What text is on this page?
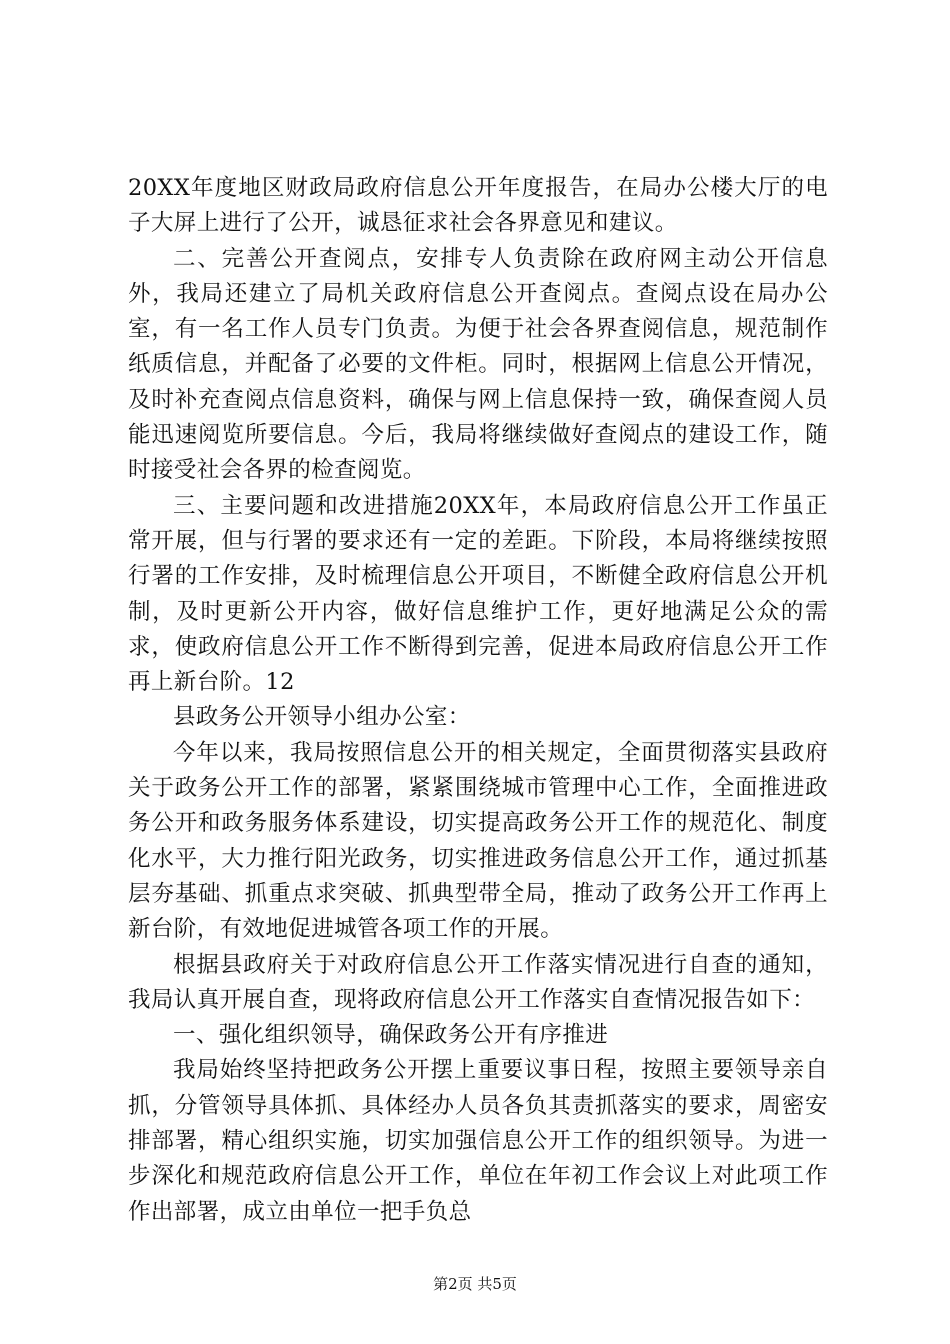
20XX年度地区财政局政府信息公开年度报告，在局办公楼大厅的电子大屏上进行了公开，诚恳征求社会各界意见和建议。

二、完善公开查阅点，安排专人负责除在政府网主动公开信息外，我局还建立了局机关政府信息公开查阅点。查阅点设在局办公室，有一名工作人员专门负责。为便于社会各界查阅信息，规范制作纸质信息，并配备了必要的文件柜。同时，根据网上信息公开情况，及时补充查阅点信息资料，确保与网上信息保持一致，确保查阅人员能迅速阅览所要信息。今后，我局将继续做好查阅点的建设工作，随时接受社会各界的检查阅览。

三、主要问题和改进措施20XX年，本局政府信息公开工作虽正常开展，但与行署的要求还有一定的差距。下阶段，本局将继续按照行署的工作安排，及时梳理信息公开项目，不断健全政府信息公开机制，及时更新公开内容，做好信息维护工作，更好地满足公众的需求，使政府信息公开工作不断得到完善，促进本局政府信息公开工作再上新台阶。12

县政务公开领导小组办公室：

今年以来，我局按照信息公开的相关规定，全面贯彻落实县政府关于政务公开工作的部署，紧紧围绕城市管理中心工作，全面推进政务公开和政务服务体系建设，切实提高政务公开工作的规范化、制度化水平，大力推行阳光政务，切实推进政务信息公开工作，通过抓基层夯基础、抓重点求突破、抓典型带全局，推动了政务公开工作再上新台阶，有效地促进城管各项工作的开展。

根据县政府关于对政府信息公开工作落实情况进行自查的通知，我局认真开展自查，现将政府信息公开工作落实自查情况报告如下：

一、强化组织领导，确保政务公开有序推进

我局始终坚持把政务公开摆上重要议事日程，按照主要领导亲自抓，分管领导具体抓、具体经办人员各负其责抓落实的要求，周密安排部署，精心组织实施，切实加强信息公开工作的组织领导。为进一步深化和规范政府信息公开工作，单位在年初工作会议上对此项工作作出部署，成立由单位一把手负总

第2页 共5页
